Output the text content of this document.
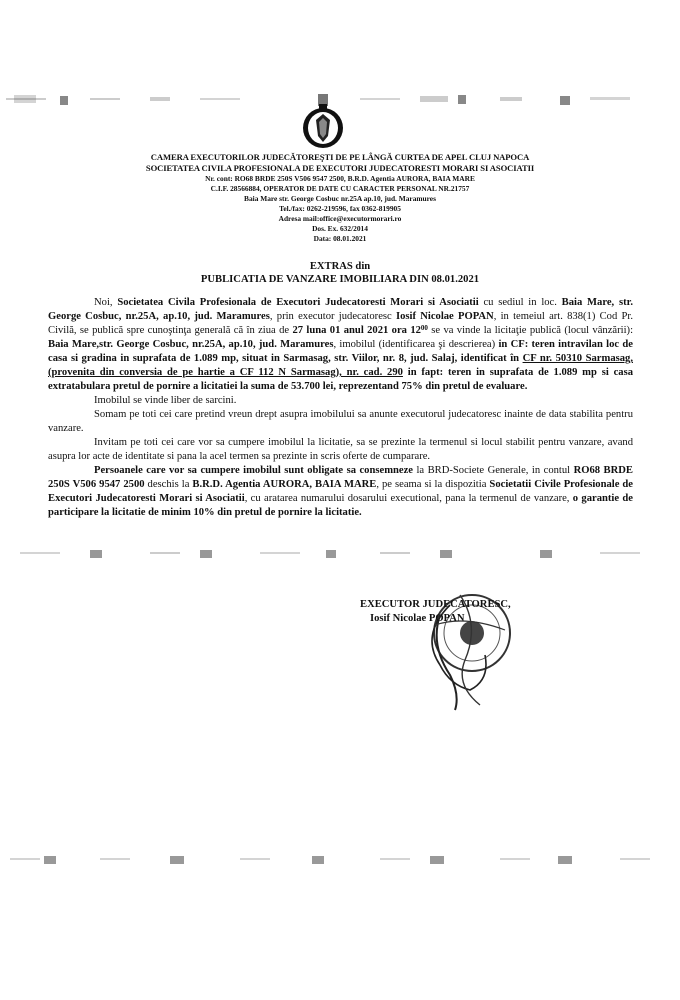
CAMERA EXECUTORILOR JUDECĂTOREŞTI DE PE LÂNGĂ CURTEA DE APEL CLUJ NAPOCA
SOCIETATEA CIVILA PROFESIONALA DE EXECUTORI JUDECATORESTI MORARI SI ASOCIATII
Nr. cont: RO68 BRDE 250S V506 9547 2500, B.R.D. Agentia AURORA, BAIA MARE
C.I.F. 28566884, OPERATOR DE DATE CU CARACTER PERSONAL NR.21757
Baia Mare str. George Cosbuc nr.25A ap.10, jud. Maramures
Tel./fax: 0262-219596, fax 0362-819905
Adresa mail:office@executormorari.ro
Dos. Ex. 632/2014
Data: 08.01.2021
EXTRAS din
PUBLICATIA DE VANZARE IMOBILIARA DIN 08.01.2021

Noi, Societatea Civila Profesionala de Executori Judecatoresti Morari si Asociatii cu sediul in loc. Baia Mare, str. George Cosbuc, nr.25A, ap.10, jud. Maramures, prin executor judecatoresc Iosif Nicolae POPAN, in temeiul art. 838(1) Cod Pr. Civilă, se publică spre cunoştinţa generală că în ziua de 27 luna 01 anul 2021 ora $12^{00}$ se va vinde la licitaţie publică (locul vânzării): Baia Mare,str. George Cosbuc, nr.25A, ap.10, jud. Maramures, imobilul (identificarea şi descrierea) in CF: teren intravilan loc de casa si gradina in suprafata de 1.089 mp, situat in Sarmasag, str. Viilor, nr. 8, jud. Salaj, identificat în CF nr. 50310 Sarmasag, (provenita din conversia de pe hartie a CF 112 N Sarmasag), nr. cad. 290 in fapt: teren in suprafata de 1.089 mp si casa extratabulara pretul de pornire a licitatiei la suma de 53.700 lei, reprezentand 75% din pretul de evaluare.

Imobilul se vinde liber de sarcini.

Somam pe toti cei care pretind vreun drept asupra imobilului sa anunte executorul judecatoresc inainte de data stabilita pentru vanzare.

Invitam pe toti cei care vor sa cumpere imobilul la licitatie, sa se prezinte la termenul si locul stabilit pentru vanzare, avand asupra lor acte de identitate si pana la acel termen sa prezinte in scris oferte de cumparare.

Persoanele care vor sa cumpere imobilul sunt obligate sa consemneze la BRD-Societe Generale, in contul RO68 BRDE 250S V506 9547 2500 deschis la B.R.D. Agentia AURORA, BAIA MARE, pe seama si la dispozitia Societatii Civile Profesionale de Executori Judecatoresti Morari si Asociatii, cu aratarea numarului dosarului executional, pana la termenul de vanzare, o garantie de participare la licitatie de minim 10% din pretul de pornire la licitatie.

EXECUTOR JUDECATORESC,
Iosif Nicolae POPAN
